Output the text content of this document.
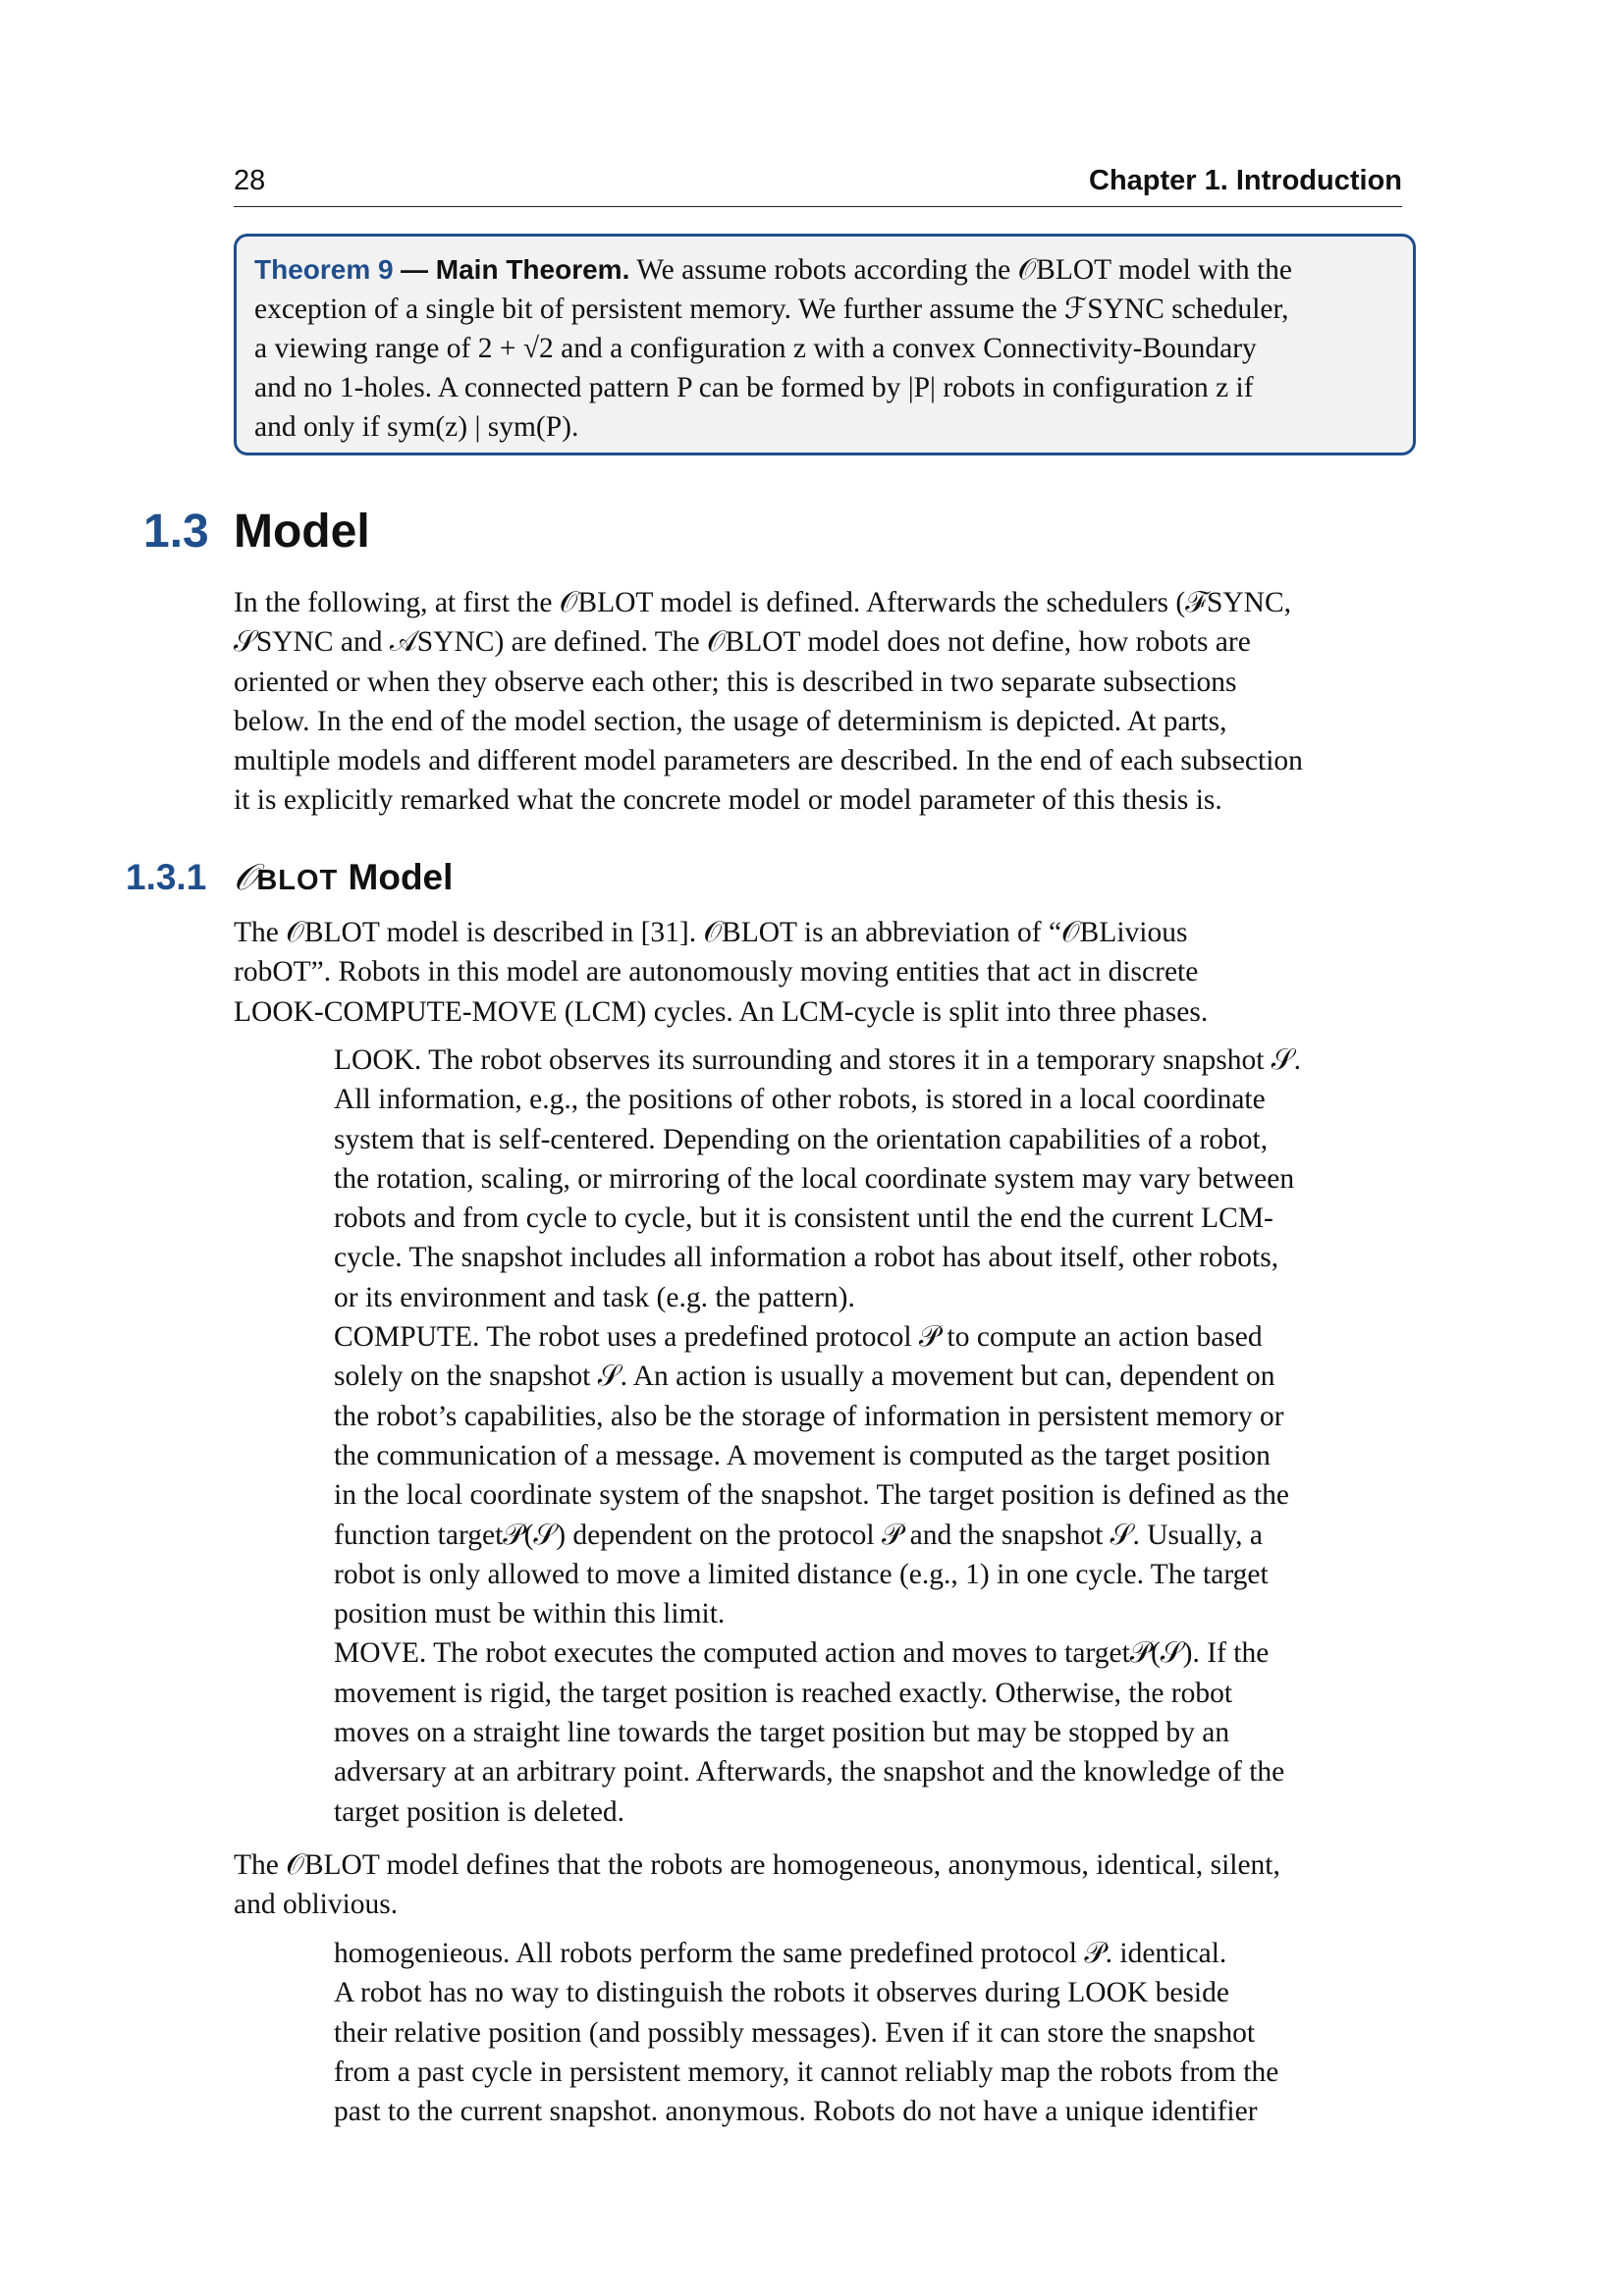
28	Chapter 1. Introduction
Theorem 9 — Main Theorem. We assume robots according the 𝒪BLOT model with the
exception of a single bit of persistent memory. We further assume the ℱSYNC scheduler,
a viewing range of 2 + √2 and a configuration z with a convex Connectivity-Boundary
and no 1-holes. A connected pattern P can be formed by |P| robots in configuration z if
and only if sym(z) | sym(P).
1.3 Model
In the following, at first the 𝒪BLOT model is defined. Afterwards the schedulers (ℱSYNC,
𝒮SYNC and 𝒜SYNC) are defined. The 𝒪BLOT model does not define, how robots are
oriented or when they observe each other; this is described in two separate subsections
below. In the end of the model section, the usage of determinism is depicted. At parts,
multiple models and different model parameters are described. In the end of each subsection
it is explicitly remarked what the concrete model or model parameter of this thesis is.
1.3.1 𝒪BLOT Model
The 𝒪BLOT model is described in [31]. 𝒪BLOT is an abbreviation of “𝒪BLivious
robOT”. Robots in this model are autonomously moving entities that act in discrete
LOOK-COMPUTE-MOVE (LCM) cycles. An LCM-cycle is split into three phases.
LOOK. The robot observes its surrounding and stores it in a temporary snapshot 𝒮.
All information, e.g., the positions of other robots, is stored in a local coordinate
system that is self-centered. Depending on the orientation capabilities of a robot,
the rotation, scaling, or mirroring of the local coordinate system may vary between
robots and from cycle to cycle, but it is consistent until the end the current LCM-
cycle. The snapshot includes all information a robot has about itself, other robots,
or its environment and task (e.g. the pattern).
COMPUTE. The robot uses a predefined protocol 𝒫 to compute an action based
solely on the snapshot 𝒮. An action is usually a movement but can, dependent on
the robot’s capabilities, also be the storage of information in persistent memory or
the communication of a message. A movement is computed as the target position
in the local coordinate system of the snapshot. The target position is defined as the
function target𝒫(𝒮) dependent on the protocol 𝒫 and the snapshot 𝒮. Usually, a
robot is only allowed to move a limited distance (e.g., 1) in one cycle. The target
position must be within this limit.
MOVE. The robot executes the computed action and moves to target𝒫(𝒮). If the
movement is rigid, the target position is reached exactly. Otherwise, the robot
moves on a straight line towards the target position but may be stopped by an
adversary at an arbitrary point. Afterwards, the snapshot and the knowledge of the
target position is deleted.
The 𝒪BLOT model defines that the robots are homogeneous, anonymous, identical, silent,
and oblivious.
homogenieous. All robots perform the same predefined protocol 𝒫. identical.
A robot has no way to distinguish the robots it observes during LOOK beside
their relative position (and possibly messages). Even if it can store the snapshot
from a past cycle in persistent memory, it cannot reliably map the robots from the
past to the current snapshot. anonymous. Robots do not have a unique identifier
